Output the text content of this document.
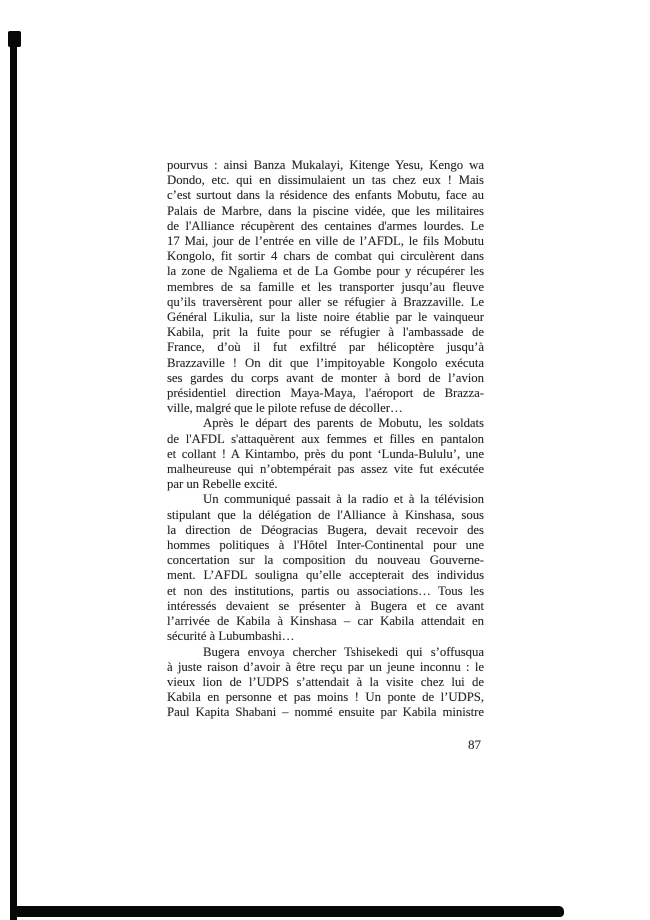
pourvus : ainsi Banza Mukalayi, Kitenge Yesu, Kengo wa
Dondo, etc. qui en dissimulaient un tas chez eux ! Mais
c’est surtout dans la résidence des enfants Mobutu, face au
Palais de Marbre, dans la piscine vidée, que les militaires
de l'Alliance récupèrent des centaines d'armes lourdes. Le
17 Mai, jour de l’entrée en ville de l’AFDL, le fils Mobutu
Kongolo, fit sortir 4 chars de combat qui circulèrent dans
la zone de Ngaliema et de La Gombe pour y récupérer les
membres de sa famille et les transporter jusqu’au fleuve
qu’ils traversèrent pour aller se réfugier à Brazzaville. Le
Général Likulia, sur la liste noire établie par le vainqueur
Kabila, prit la fuite pour se réfugier à l'ambassade de
France, d’où il fut exfiltré par hélicoptère jusqu’à
Brazzaville ! On dit que l’impitoyable Kongolo exécuta
ses gardes du corps avant de monter à bord de l’avion
présidentiel direction Maya-Maya, l'aéroport de Brazza-
ville, malgré que le pilote refuse de décoller…
Après le départ des parents de Mobutu, les soldats
de l'AFDL s'attaquèrent aux femmes et filles en pantalon
et collant ! A Kintambo, près du pont ‘Lunda-Bululu’, une
malheureuse qui n’obtempérait pas assez vite fut exécutée
par un Rebelle excité.
Un communiqué passait à la radio et à la télévision
stipulant que la délégation de l'Alliance à Kinshasa, sous
la direction de Déogracias Bugera, devait recevoir des
hommes politiques à l'Hôtel Inter-Continental pour une
concertation sur la composition du nouveau Gouverne-
ment. L’AFDL souligna qu’elle accepterait des individus
et non des institutions, partis ou associations… Tous les
intéressés devaient se présenter à Bugera et ce avant
l’arrivée de Kabila à Kinshasa – car Kabila attendait en
sécurité à Lubumbashi…
Bugera envoya chercher Tshisekedi qui s’offusqua
à juste raison d’avoir à être reçu par un jeune inconnu : le
vieux lion de l’UDPS s’attendait à la visite chez lui de
Kabila en personne et pas moins ! Un ponte de l’UDPS,
Paul Kapita Shabani – nommé ensuite par Kabila ministre
87
